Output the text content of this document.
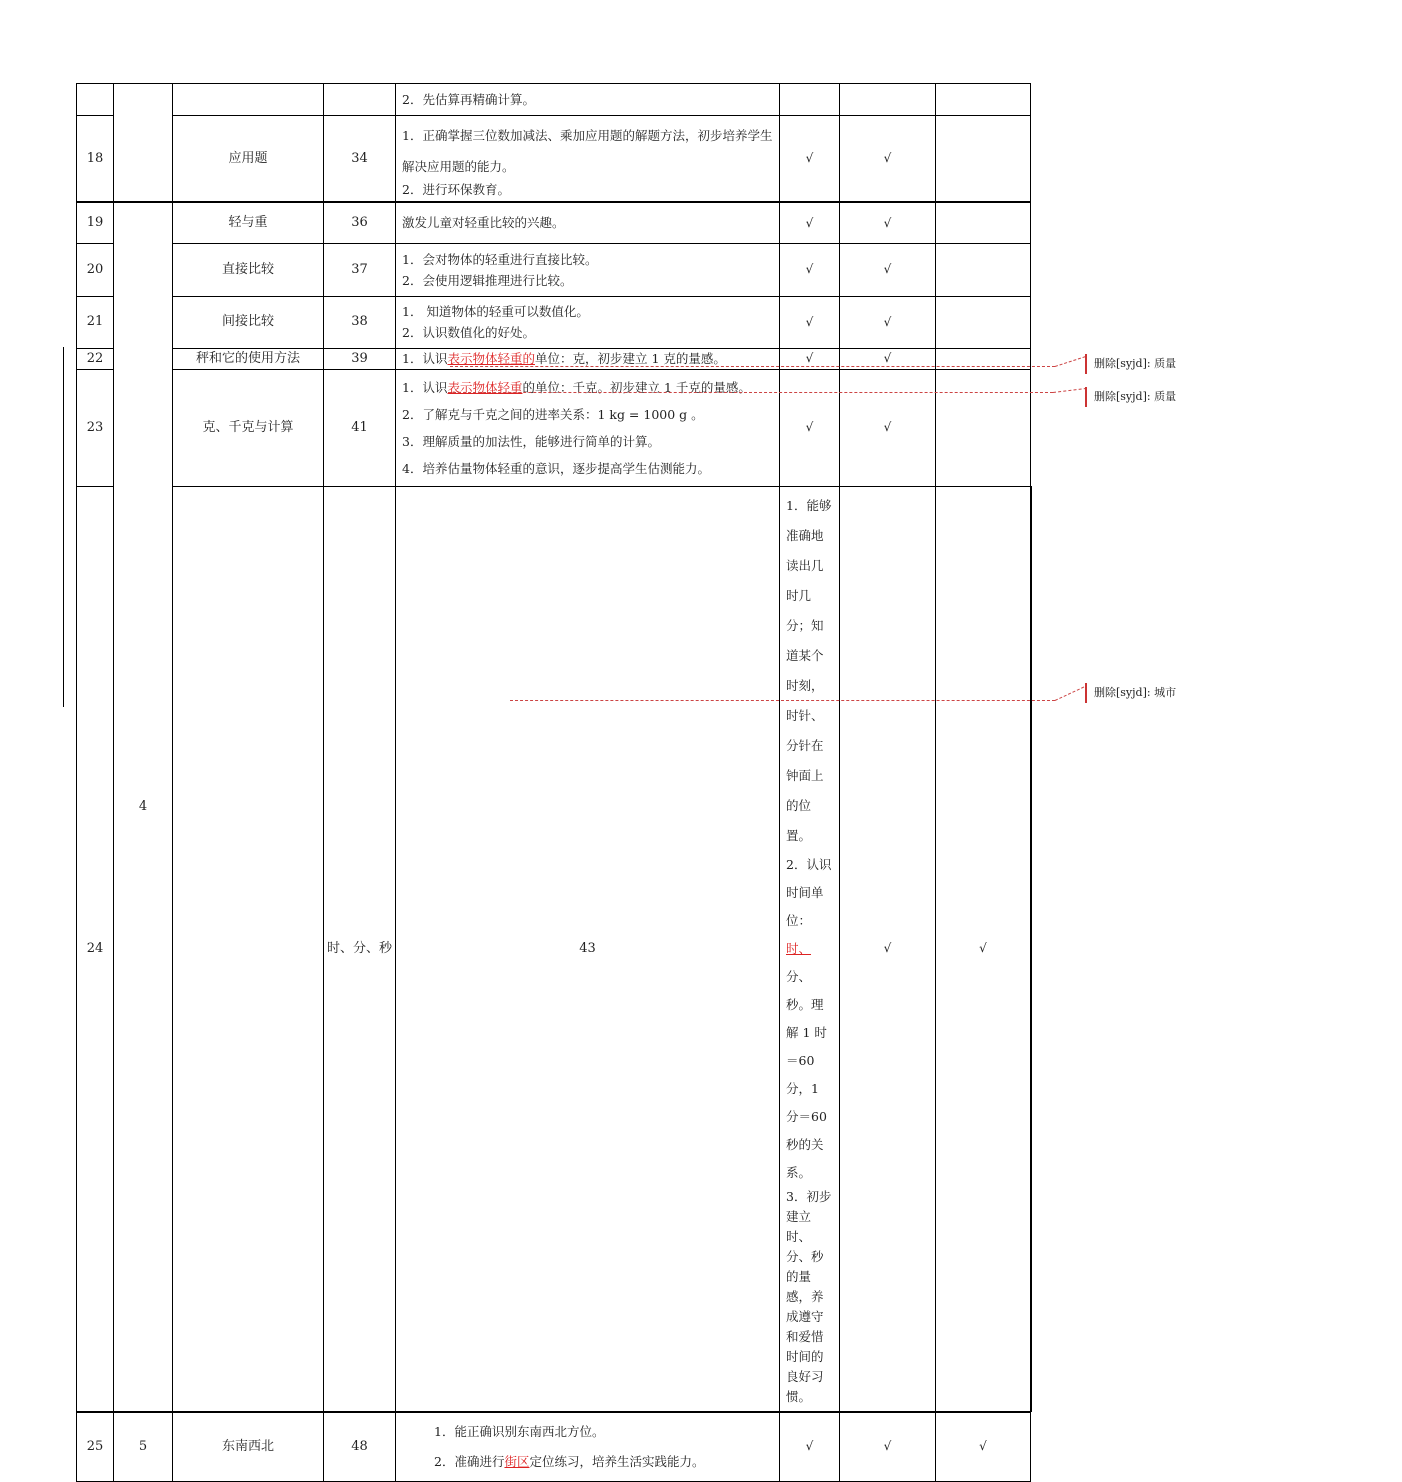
				2．先估算再精确计算。				

18		应用题	34	1．正确掌握三位数加减法、乘加应用题的解题方法，初步培养学生解决应用题的能力。

2．进行环保教育。	√	√		
19	4	轻与重	36	激发儿童对轻重比较的兴趣。	√	√		
20		直接比较	37	1．会对物体的轻重进行直接比较。

2．会使用逻辑推理进行比较。	√	√		
21		间接比较	38	1． 知道物体的轻重可以数值化。

2．认识数值化的好处。	√	√		
22		秤和它的使用方法	39	1．认识表示物体轻重的单位：克，初步建立 1 克的量感。	√	√		
23		克、千克与计算	41	1．认识表示物体轻重的单位：千克。初步建立 1 千克的量感。

2．了解克与千克之间的进率关系：1 kg = 1000 g 。

3．理解质量的加法性，能够进行简单的计算。

4．培养估量物体轻重的意识，逐步提高学生估测能力。	√	√		
24			时、分、秒	43	1．能够准确地读出几时几分；知道某个时刻，时针、分针在钟面上的位置。

2．认识时间单位：时、分、秒。理解 1 时＝60 分，1 分＝60 秒的关系。

3．初步建立时、分、秒的量感，养成遵守和爱惜时间的良好习惯。	√	√	
25	5	东南西北	48	1．能正确识别东南西北方位。

2．准确进行街区定位练习，培养生活实践能力。	√	√	√	
删除[syjd]: 质量
删除[syjd]: 质量
删除[syjd]: 城市
